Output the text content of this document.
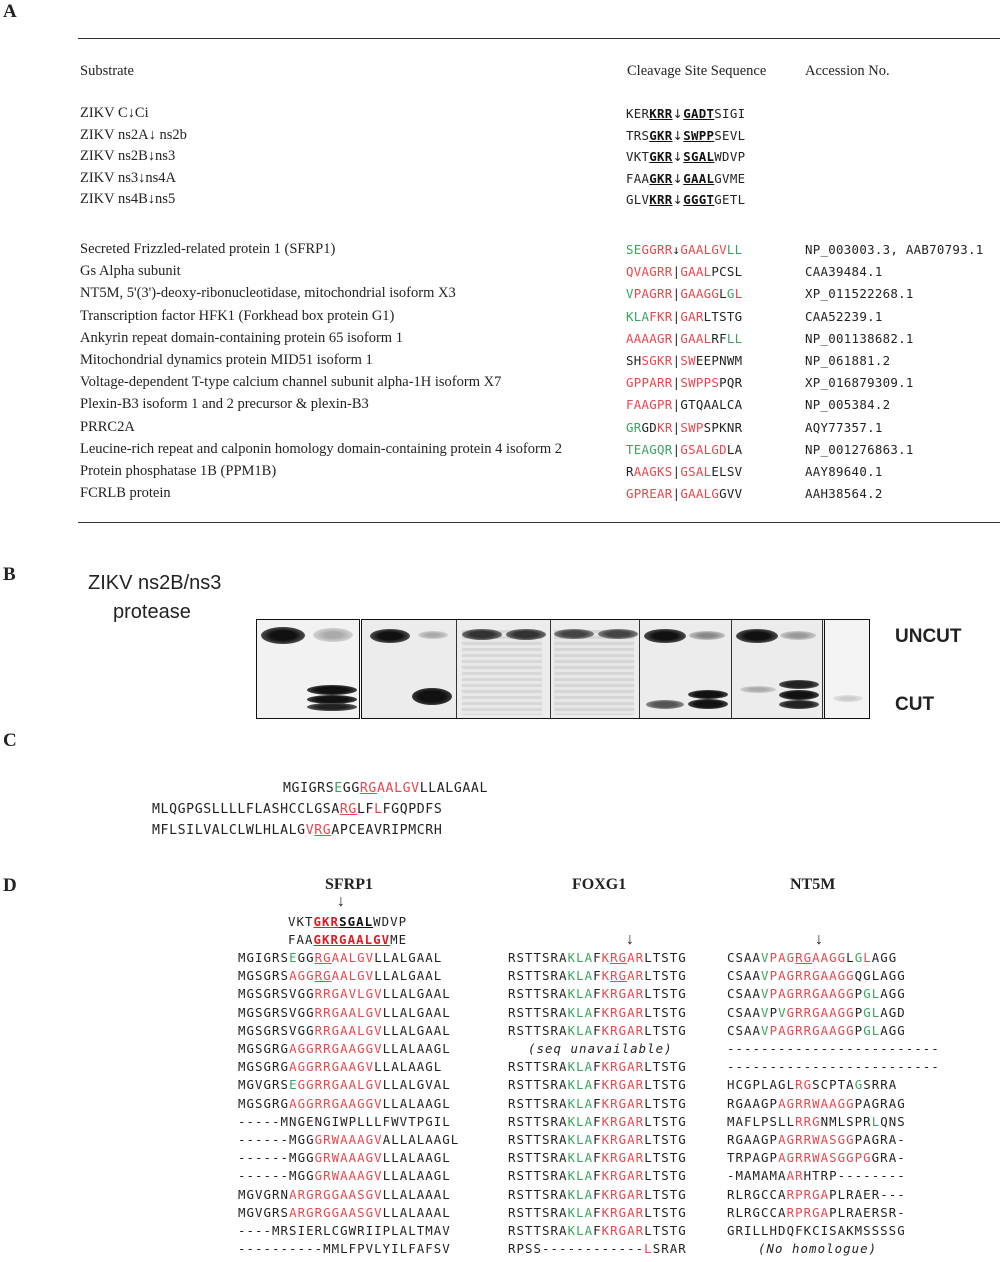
A
Substrate	Cleavage Site Sequence	Accession No.
ZIKV C↓Ci	KERKRR↓GADTSIGI
ZIKV ns2A↓ ns2b	TRSGKR↓SWPPSEVL
ZIKV ns2B↓ns3	VKTGKR↓SGALWDVP
ZIKV ns3↓ns4A	FAAGKR↓GAALGVME
ZIKV ns4B↓ns5	GLVKRR↓GGGTGETL
Secreted Frizzled-related protein 1 (SFRP1)	SEGGRR↓GAALGVLL	NP_003003.3, AAB70793.1
Gs Alpha subunit	QVAGRR|GAALPCSL	CAA39484.1
NT5M, 5'(3')-deoxy-ribonucleotidase, mitochondrial isoform X3	VPAGRR|GAAGGLGL	XP_011522268.1
Transcription factor HFK1 (Forkhead box protein G1)	KLAFKR|GARLTSTG	CAA52239.1
Ankyrin repeat domain-containing protein 65 isoform 1	AAAAGR|GAALRFLL	NP_001138682.1
Mitochondrial dynamics protein MID51 isoform 1	SHSGKR|SWEEPNWM	NP_061881.2
Voltage-dependent T-type calcium channel subunit alpha-1H isoform X7	GPPARR|SWPPSPQR	XP_016879309.1
Plexin-B3 isoform 1 and 2 precursor & plexin-B3	FAAGPR|GTQAALCA	NP_005384.2
PRRC2A	GRGDKR|SWPSPKNR	AQY77357.1
Leucine-rich repeat and calponin homology domain-containing protein 4 isoform 2	TEAGQR|GSALGDLA	NP_001276863.1
Protein phosphatase 1B (PPM1B)	RAAGKS|GSALELSV	AAY89640.1
FCRLB protein	GPREAR|GAALGGVV	AAH38564.2
B	ZIKV ns2B/ns3
protease
UNCUT
CUT
C
MGIGRSEGGRGAALGVLLALGAAL
MLQGPGSLLLLFLASHCCLGSARGLFLFGQPDFS
MFLSILVALCLWLHLALGVRGAPCEAVRIPMCRH
D	SFRP1	FOXG1	NT5M
↓
↓	↓
VKTGKRSGALWDVP
FAAGKRGAALGVME
MGIGRSEGGRGAALGVLLALGAAL	RSTTSRAKLAFKRGARLTSTG	CSAAVPAGRGAAGGLGLAGG
MGSGRSAGGRGAALGVLLALGAAL	RSTTSRAKLAFKRGARLTSTG	CSAAVPAGRRGAAGGQGLAGG
MGSGRSVGGRRGAVLGVLLALGAAL	RSTTSRAKLAFKRGARLTSTG	CSAAVPAGRRGAAGGPGLAGG
MGSGRSVGGRRGAALGVLLALGAAL	RSTTSRAKLAFKRGARLTSTG	CSAAVPVGRRGAAGGPGLAGD
MGSGRSVGGRRGAALGVLLALGAAL	RSTTSRAKLAFKRGARLTSTG	CSAAVPAGRRGAAGGPGLAGG
MGSGRGAGGRRGAAGGVLLALAAGL	(seq unavailable)	-------------------------
MGSGRGAGGRRGAAGVLLALAAGL	RSTTSRAKLAFKRGARLTSTG	-------------------------
MGVGRSEGGRRGAALGVLLALGVAL	RSTTSRAKLAFKRGARLTSTG	HCGPLAGLRGSCPTAGSRRA
MGSGRGAGGRRGAAGGVLLALAAGL	RSTTSRAKLAFKRGARLTSTG	RGAAGPAGRRWAAGGPAGRAG
-----MNGENGIWPLLLFWVTPGIL	RSTTSRAKLAFKRGARLTSTG	MAFLPSLLRRGNMLSPRLQNS
------MGGGRWAAAGVALLALAAGL	RSTTSRAKLAFKRGARLTSTG	RGAAGPAGRRWASGGPAGRA-
------MGGGRWAAAGVLLALAAGL	RSTTSRAKLAFKRGARLTSTG	TRPAGPAGRRWASGGPGGRA-
------MGGGRWAAAGVLLALAAGL	RSTTSRAKLAFKRGARLTSTG	-MAMAMAARHTRP--------
MGVGRNARGRGGAASGVLLALAAAL	RSTTSRAKLAFKRGARLTSTG	RLRGCCARPRGAPLRAER---
MGVGRSARGRGGAASGVLLALAAAL	RSTTSRAKLAFKRGARLTSTG	RLRGCCARPRGAPLRAERSR-
----MRSIERLCGWRIIPLALTMAV	RSTTSRAKLAFKRGARLTSTG	GRILLHDQFKCISAKMSSSSG
----------MMLFPVLYILFAFSV	RPSS------------LSRAR	(No homologue)
